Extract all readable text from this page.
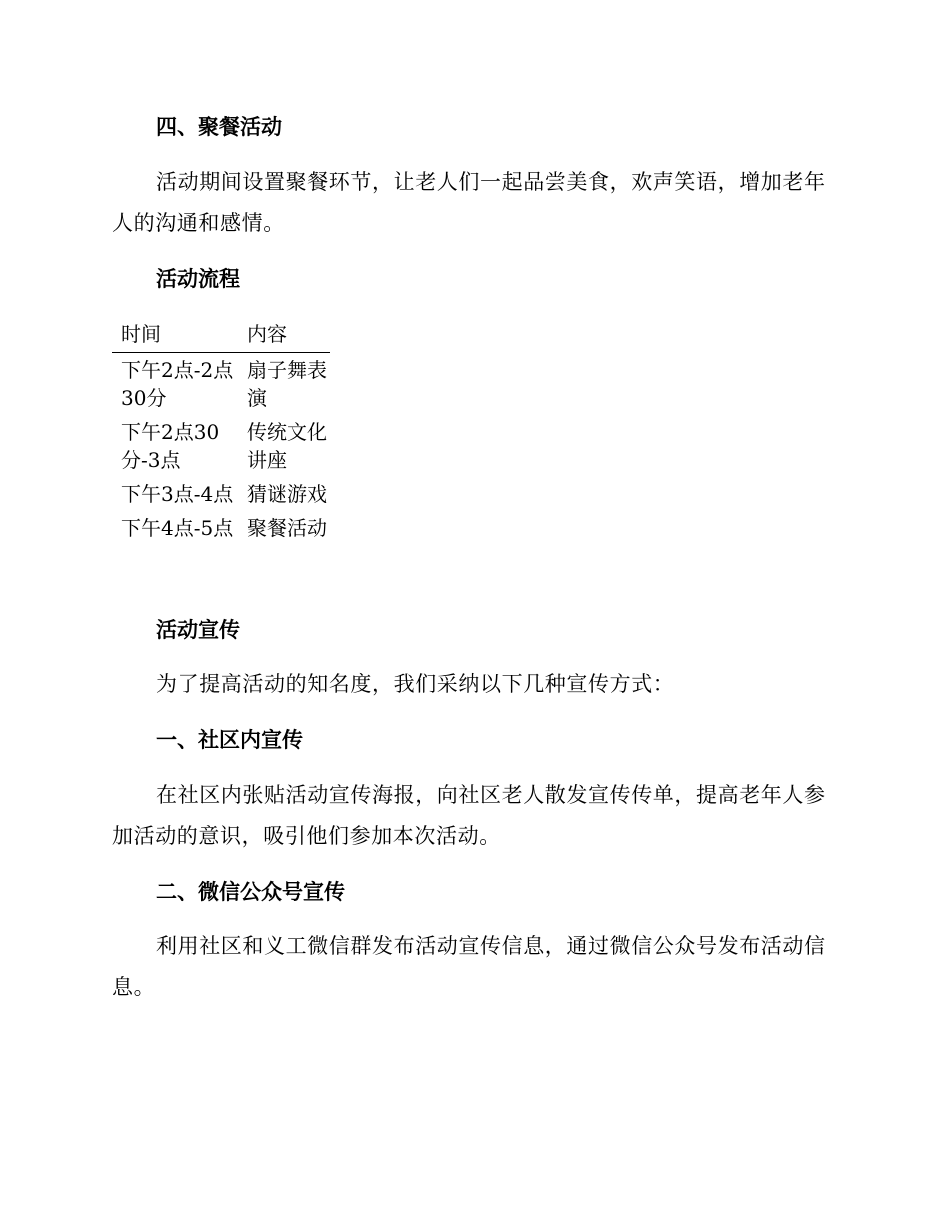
四、聚餐活动
活动期间设置聚餐环节，让老人们一起品尝美食，欢声笑语，增加老年人的沟通和感情。
活动流程
时间	内容
下午2点-2点30分	扇子舞表演
下午2点30分-3点	传统文化讲座
下午3点-4点	猜谜游戏
下午4点-5点	聚餐活动
活动宣传
为了提高活动的知名度，我们采纳以下几种宣传方式：
一、社区内宣传
在社区内张贴活动宣传海报，向社区老人散发宣传传单，提高老年人参加活动的意识，吸引他们参加本次活动。
二、微信公众号宣传
利用社区和义工微信群发布活动宣传信息，通过微信公众号发布活动信息。
